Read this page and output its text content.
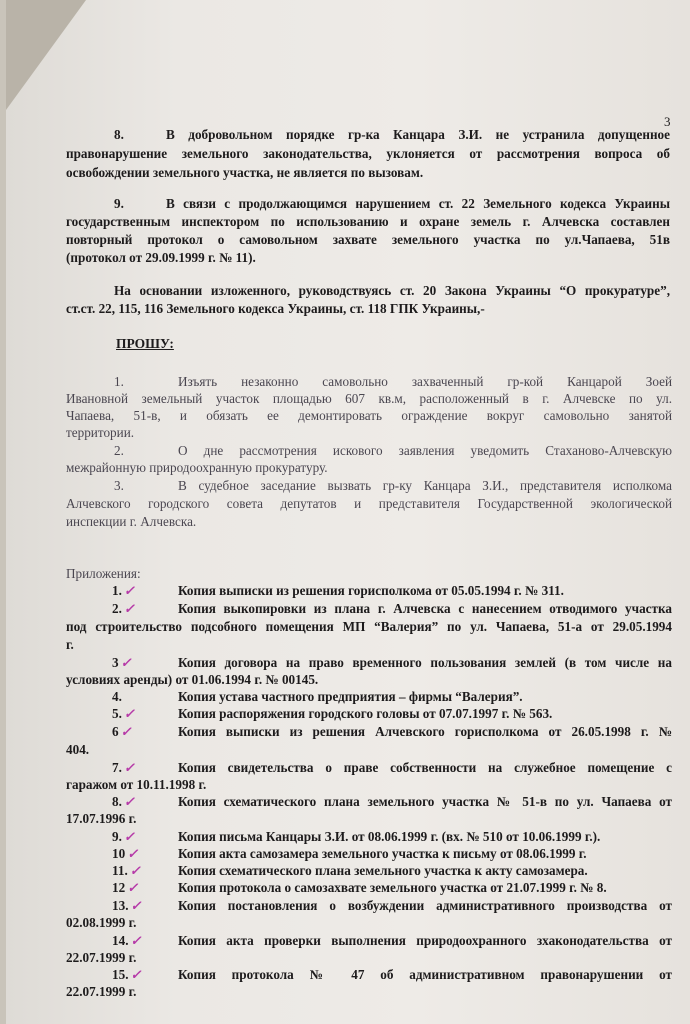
3
8.	В добровольном порядке гр-ка Канцара З.И. не устранила допущенное
правонарушение земельного законодательства, уклоняется от рассмотрения вопроса об
освобождении земельного участка, не является по вызовам.
9.	В связи с продолжающимся нарушением ст. 22 Земельного кодекса Украины
государственным инспектором по использованию и охране земель г. Алчевска составлен
повторный протокол о самовольном захвате земельного участка по ул.Чапаева, 51в
(протокол от 29.09.1999 г. № 11).
На основании изложенного, руководствуясь ст. 20 Закона Украины “О прокуратуре”,
ст.ст. 22, 115, 116 Земельного кодекса Украины, ст. 118 ГПК Украины,-
ПРОШУ:
1.	Изъять незаконно самовольно захваченный гр-кой Канцарой Зоей
Ивановной земельный участок площадью 607 кв.м, расположенный в г. Алчевске по ул.
Чапаева, 51-в, и обязать ее демонтировать ограждение вокруг самовольно занятой
территории.
2.	О дне рассмотрения искового заявления уведомить Стаханово-Алчевскую
межрайонную природоохранную прокуратуру.
3.	В судебное заседание вызвать гр-ку Канцара З.И., представителя исполкома
Алчевского городского совета депутатов и представителя Государственной экологической
инспекции г. Алчевска.
Приложения:
1. ✓	Копия выписки из решения горисполкома от 05.05.1994 г. № 311.
2. ✓	Копия выкопировки из плана г. Алчевска с нанесением отводимого участка
под строительство подсобного помещения МП “Валерия” по ул. Чапаева, 51-а от 29.05.1994
г.
3 ✓	Копия договора на право временного пользования землей (в том числе на
условиях аренды) от 01.06.1994 г. № 00145.
4.	Копия устава частного предприятия – фирмы “Валерия”.
5. ✓	Копия распоряжения городского головы от 07.07.1997 г. № 563.
6 ✓	Копия выписки из решения Алчевского горисполкома от 26.05.1998 г. №
404.
7. ✓	Копия свидетельства о праве собственности на служебное помещение с
гаражом от 10.11.1998 г.
8. ✓	Копия схематического плана земельного участка № 51-в по ул. Чапаева от
17.07.1996 г.
9. ✓	Копия письма Канцары З.И. от 08.06.1999 г. (вх. № 510 от 10.06.1999 г.).
10 ✓	Копия акта самозамера земельного участка к письму от 08.06.1999 г.
11. ✓	Копия схематического плана земельного участка к акту самозамера.
12 ✓	Копия протокола о самозахвате земельного участка от 21.07.1999 г. № 8.
13. ✓	Копия постановления о возбуждении административного производства от
02.08.1999 г.
14. ✓	Копия акта проверки выполнения природоохранного зхаконодательства от
22.07.1999 г.
15. ✓	Копия протокола № 47 об административном правонарушении от
22.07.1999 г.
